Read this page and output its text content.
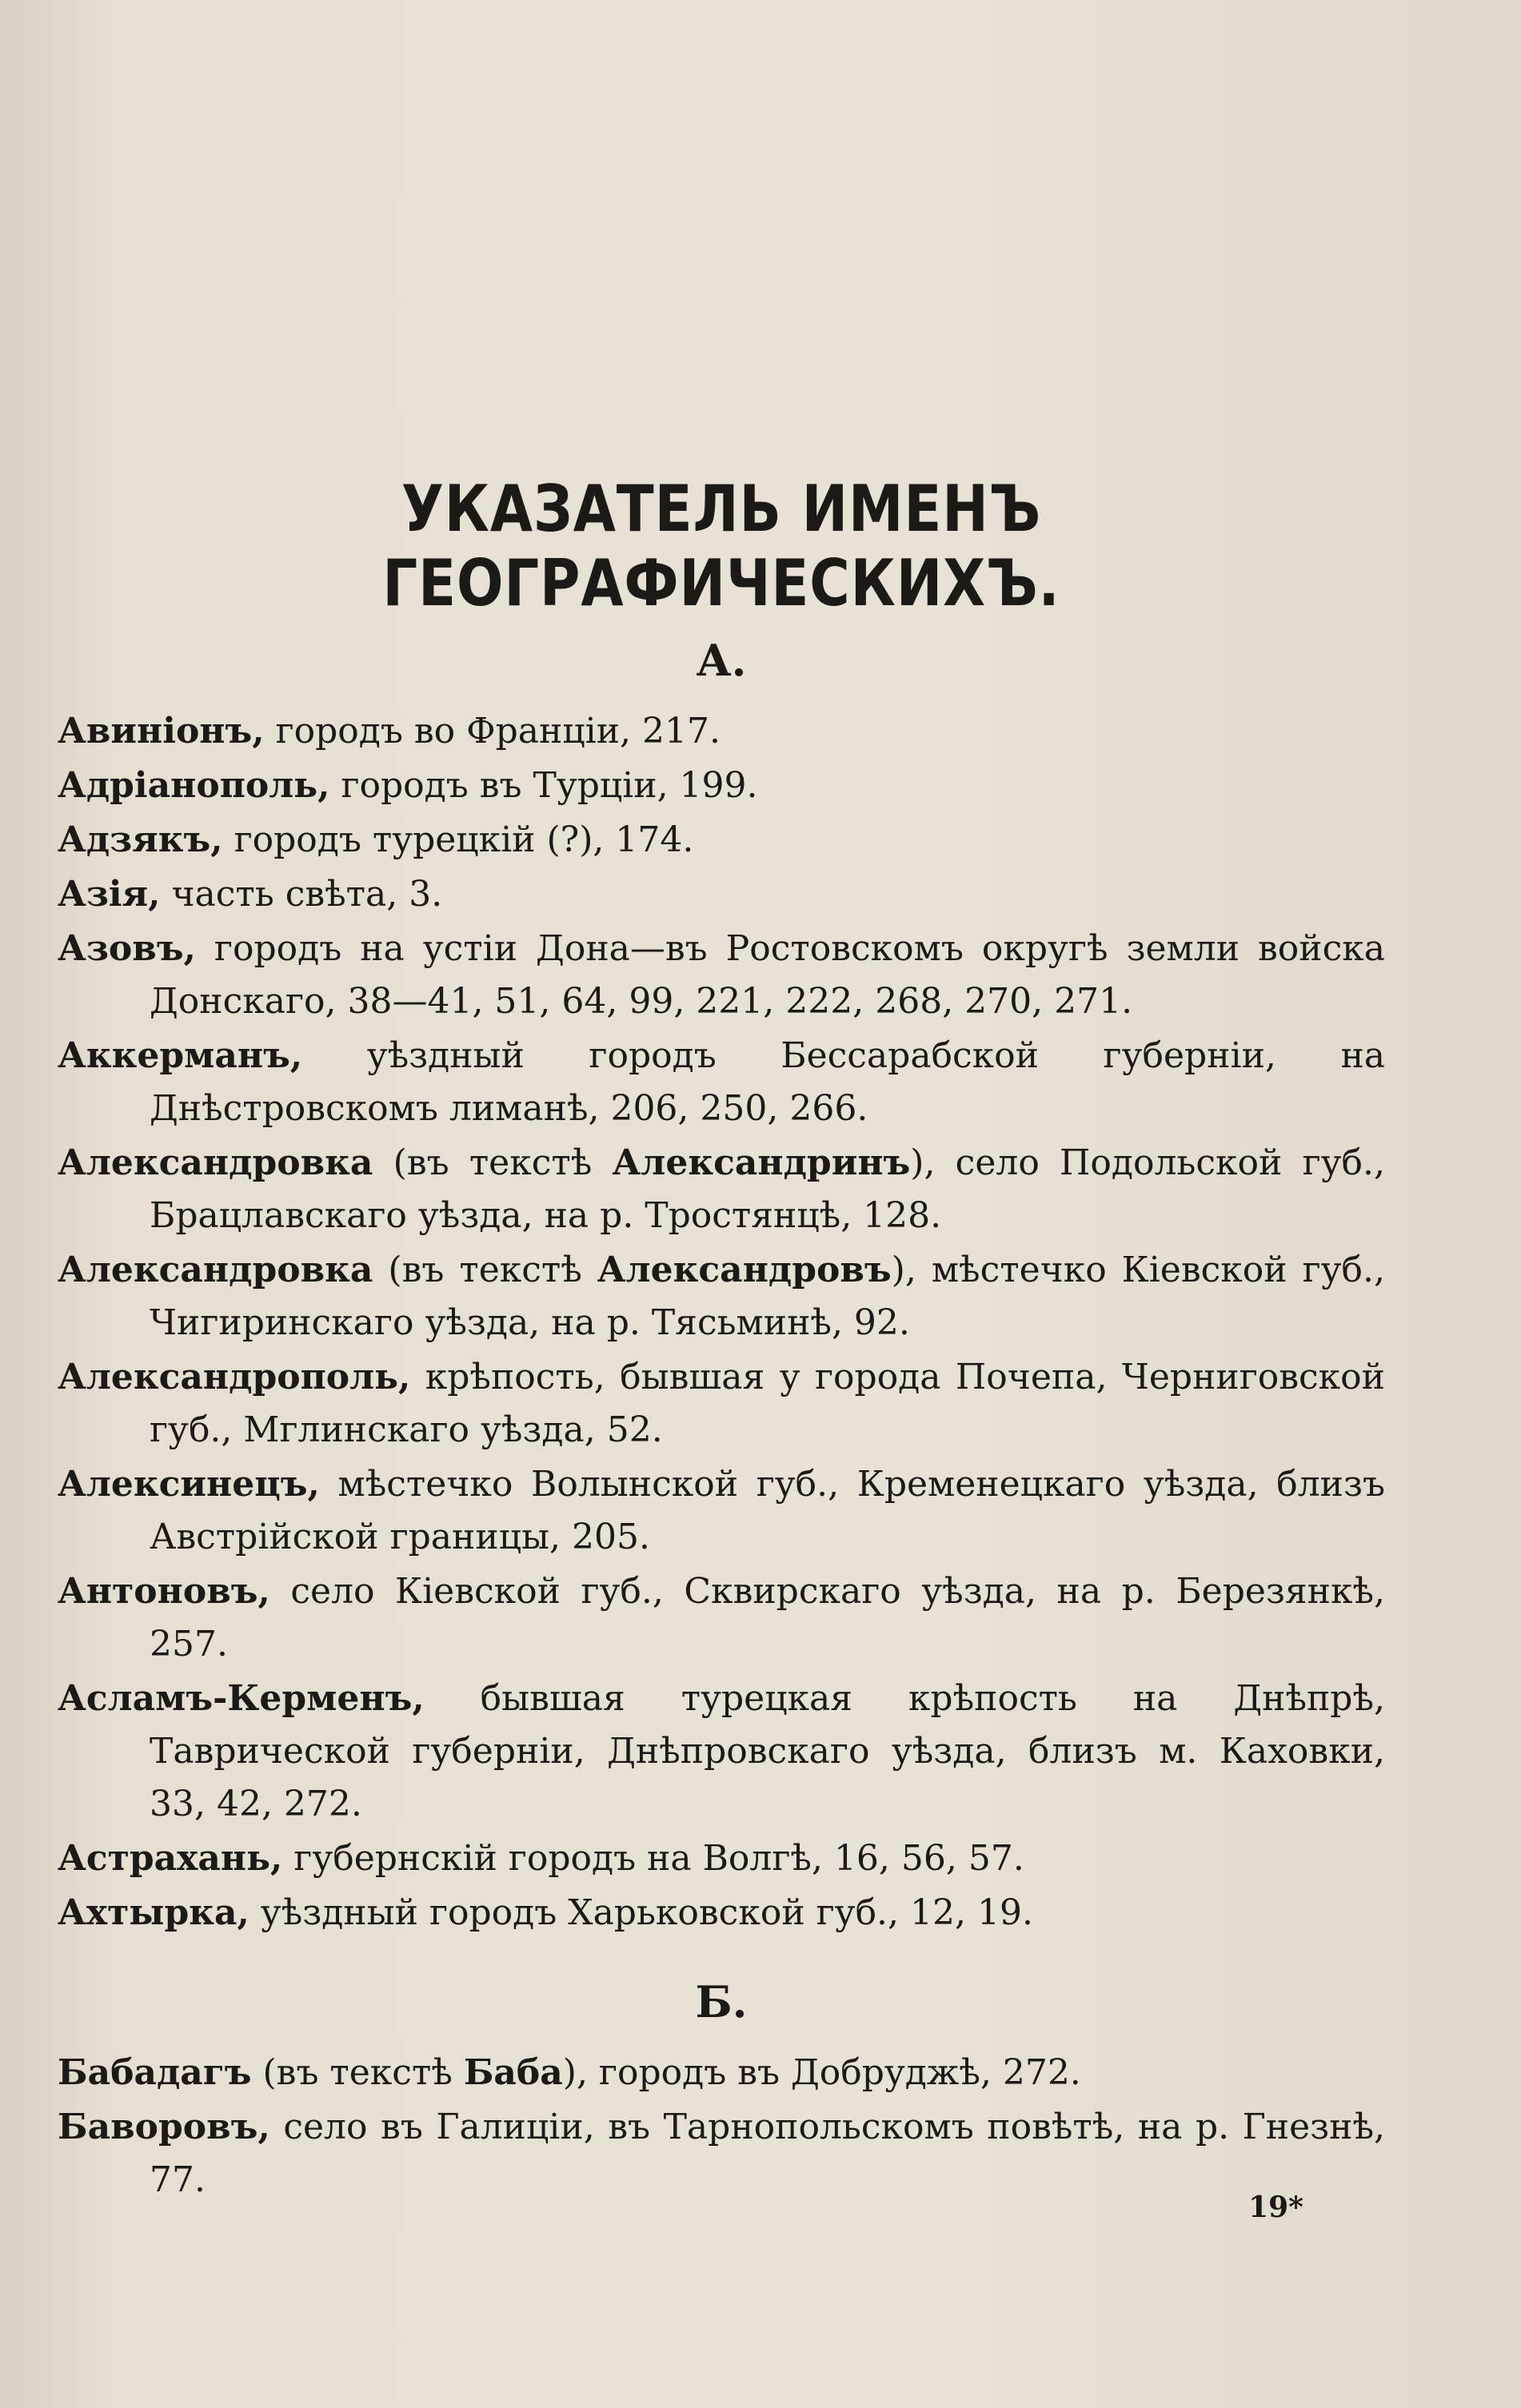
УКАЗАТЕЛЬ ИМЕНЪ ГЕОГРАФИЧЕСКИХЪ.
А.
Авиніонъ, городъ во Франціи, 217.
Адріанополь, городъ въ Турціи, 199.
Адзякъ, городъ турецкій (?), 174.
Азія, часть свѣта, 3.
Азовъ, городъ на устіи Дона—въ Ростовскомъ округѣ земли войска Донскаго, 38—41, 51, 64, 99, 221, 222, 268, 270, 271.
Аккерманъ, уѣздный городъ Бессарабской губерніи, на Днѣстровскомъ лиманѣ, 206, 250, 266.
Александровка (въ текстѣ Александринъ), село Подольской губ., Брацлавскаго уѣзда, на р. Тростянцѣ, 128.
Александровка (въ текстѣ Александровъ), мѣстечко Кіевской губ., Чигиринскаго уѣзда, на р. Тясьминѣ, 92.
Александрополь, крѣпость, бывшая у города Почепа, Черниговской губ., Мглинскаго уѣзда, 52.
Алексинецъ, мѣстечко Волынской губ., Кременецкаго уѣзда, близъ Австрійской границы, 205.
Антоновъ, село Кіевской губ., Сквирскаго уѣзда, на р. Березянкѣ, 257.
Асламъ-Керменъ, бывшая турецкая крѣпость на Днѣпрѣ, Таврической губерніи, Днѣпровскаго уѣзда, близъ м. Каховки, 33, 42, 272.
Астрахань, губернскій городъ на Волгѣ, 16, 56, 57.
Ахтырка, уѣздный городъ Харьковской губ., 12, 19.
Б.
Бабадагъ (въ текстѣ Баба), городъ въ Добруджѣ, 272.
Баворовъ, село въ Галиціи, въ Тарнопольскомъ повѣтѣ, на р. Гнезнѣ, 77.
19*
